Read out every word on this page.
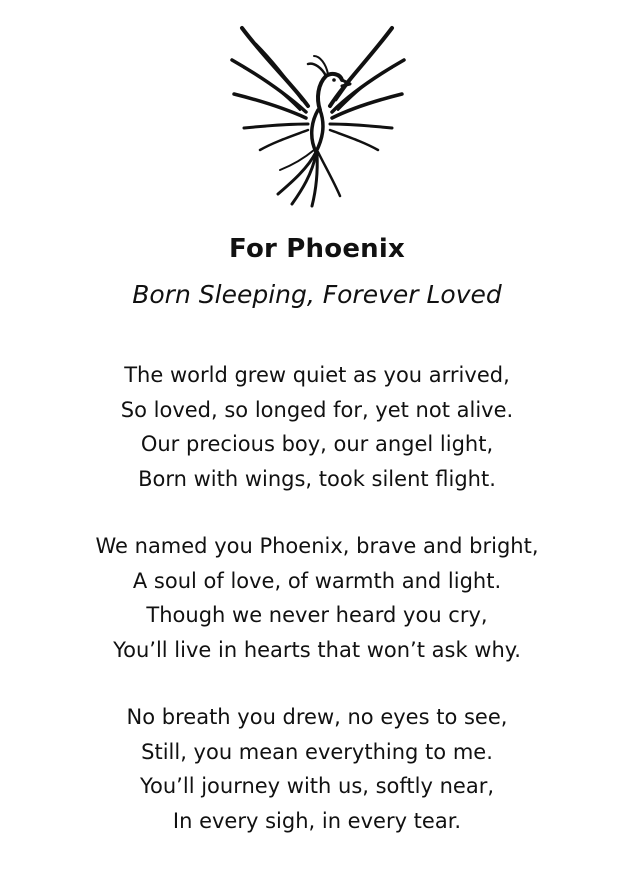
For Phoenix
Born Sleeping, Forever Loved
The world grew quiet as you arrived,
So loved, so longed for, yet not alive.
Our precious boy, our angel light,
Born with wings, took silent flight.
We named you Phoenix, brave and bright,
A soul of love, of warmth and light.
Though we never heard you cry,
You’ll live in hearts that won’t ask why.
No breath you drew, no eyes to see,
Still, you mean everything to me.
You’ll journey with us, softly near,
In every sigh, in every tear.
